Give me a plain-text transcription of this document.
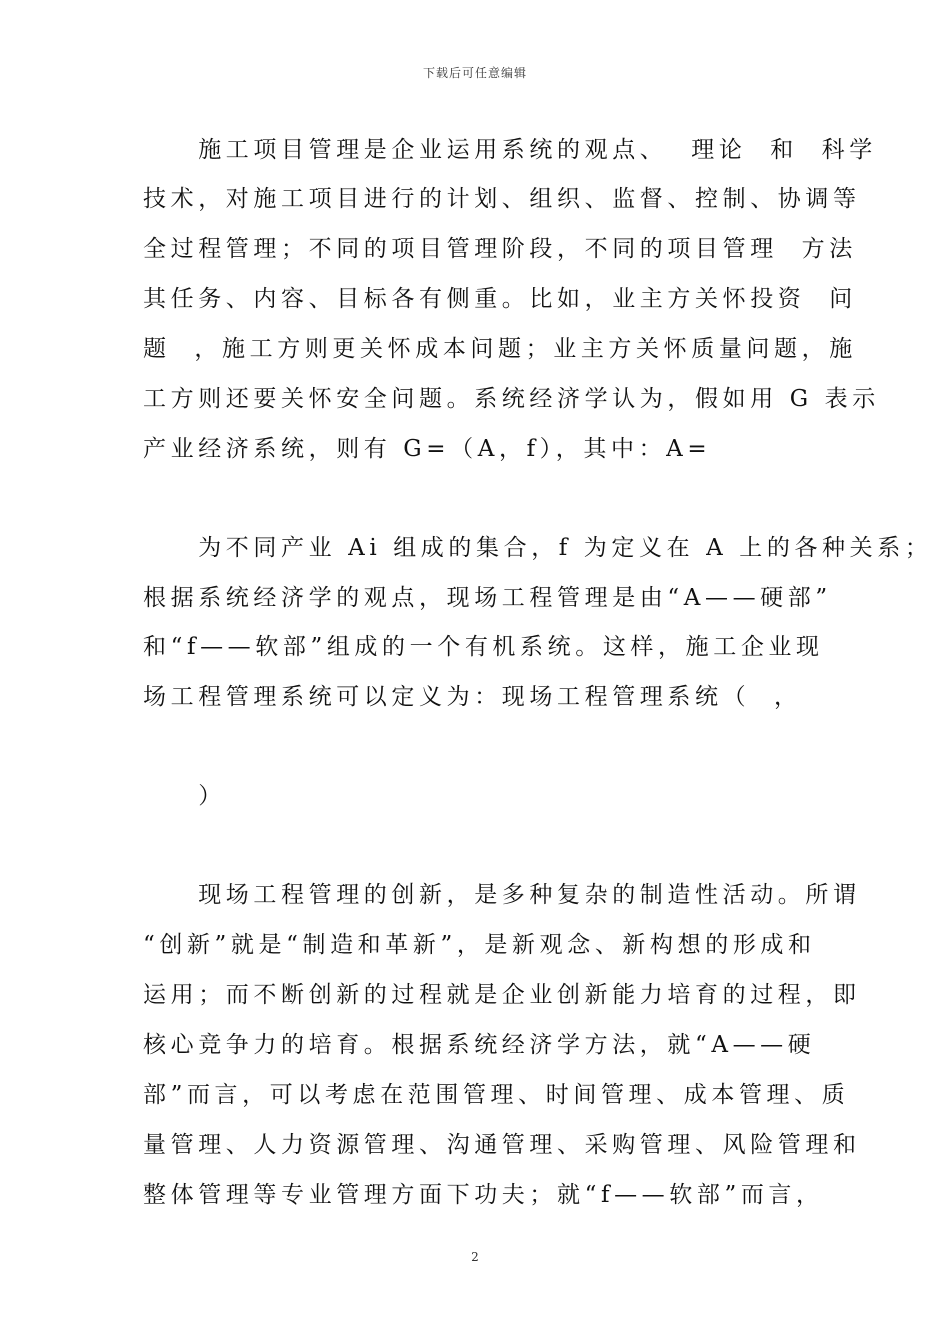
下载后可任意编辑
　　施工项目管理是企业运用系统的观点、  理论  和  科学
技术，对施工项目进行的计划、组织、监督、控制、协调等
全过程管理；不同的项目管理阶段，不同的项目管理  方法
其任务、内容、目标各有侧重。比如，业主方关怀投资  问
题  ，施工方则更关怀成本问题；业主方关怀质量问题，施
工方则还要关怀安全问题。系统经济学认为，假如用 G 表示
产业经济系统，则有 G=（A，f），其中：A=
　　为不同产业 Ai 组成的集合，f 为定义在 A 上的各种关系；
根据系统经济学的观点，现场工程管理是由“A——硬部”
和“f——软部”组成的一个有机系统。这样，施工企业现
场工程管理系统可以定义为：现场工程管理系统（  ，
　　）
　　现场工程管理的创新，是多种复杂的制造性活动。所谓
“创新”就是“制造和革新”，是新观念、新构想的形成和
运用；而不断创新的过程就是企业创新能力培育的过程，即
核心竞争力的培育。根据系统经济学方法，就“A——硬
部”而言，可以考虑在范围管理、时间管理、成本管理、质
量管理、人力资源管理、沟通管理、采购管理、风险管理和
整体管理等专业管理方面下功夫；就“f——软部”而言，
2
